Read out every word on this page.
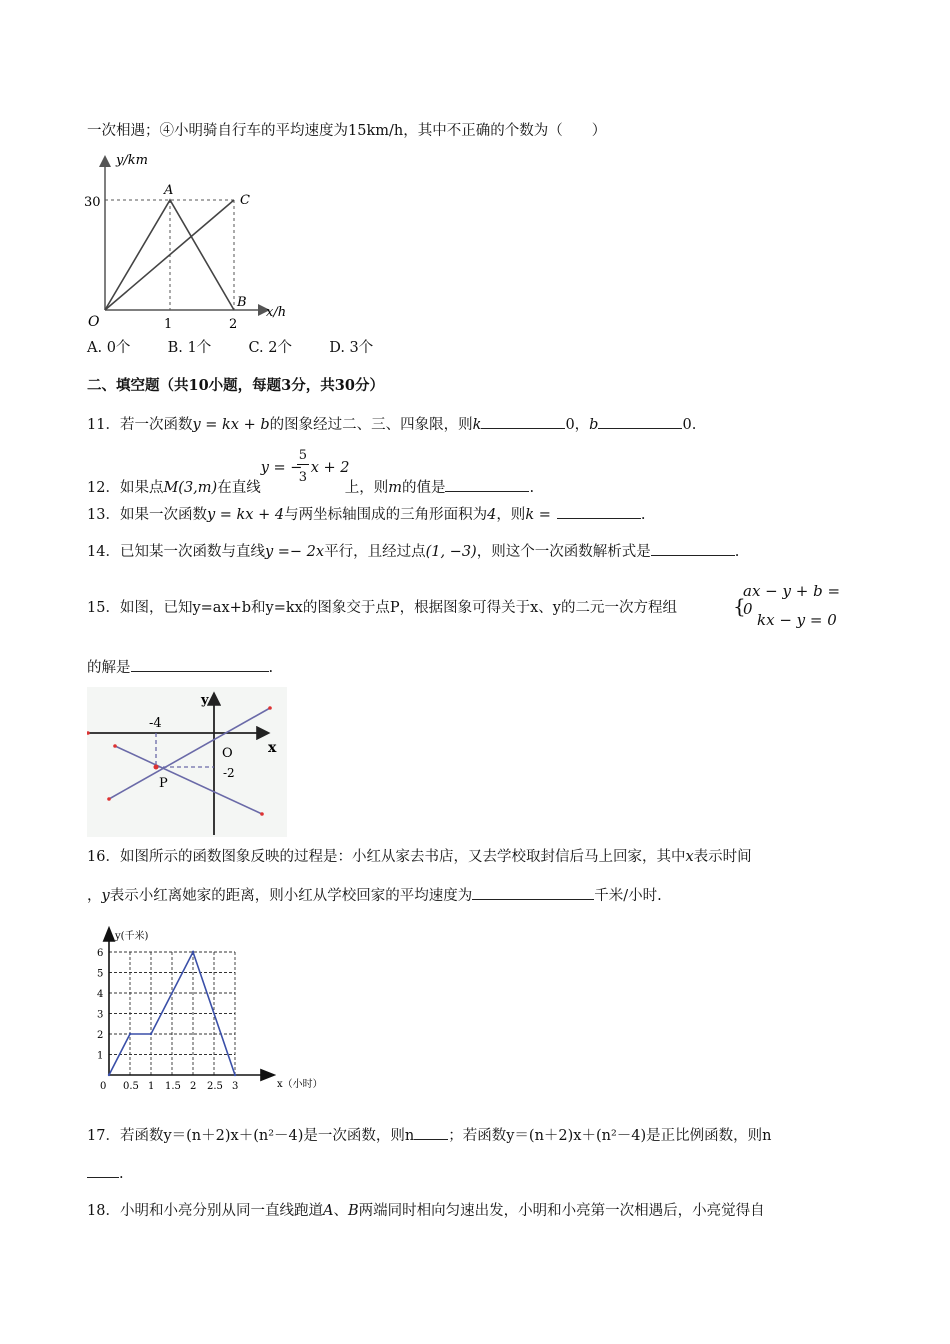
一次相遇；④小明骑自行车的平均速度为15km/h，其中不正确的个数为（　　）
y/km
x/h
O
30
1	2
A
C
B
A. 0个	B. 1个	C. 2个	D. 3个
二、填空题（共10小题，每题3分，共30分）
11．若一次函数y = kx + b的图象经过二、三、四象限，则k	0，b	0.
12．如果点M(3,m)在直线
y = −
5
3
x + 2
上，则m的值是	.
13．如果一次函数y = kx + 4与两坐标轴围成的三角形面积为4，则k =	.
14．已知某一次函数与直线y =− 2x平行，且经过点(1, −3)，则这个一次函数解析式是	.
15．如图，已知y=ax+b和y=kx的图象交于点P，根据图象可得关于x、y的二元一次方程组	{
ax − y + b = 0
kx − y = 0
的解是	.
y
x
O
-4
-2
P
16．如图所示的函数图象反映的过程是：小红从家去书店，又去学校取封信后马上回家，其中x表示时间
，y表示小红离她家的距离，则小红从学校回家的平均速度为	千米/小时.
1
2
3
4
5
6
0 0.5 1 1.5 2 2.5 3
y(千米)
x（小时）
17．若函数y＝(n＋2)x＋(n²－4)是一次函数，则n ；若函数y＝(n＋2)x＋(n²－4)是正比例函数，则n
.
18．小明和小亮分别从同一直线跑道A、B两端同时相向匀速出发，小明和小亮第一次相遇后，小亮觉得自
